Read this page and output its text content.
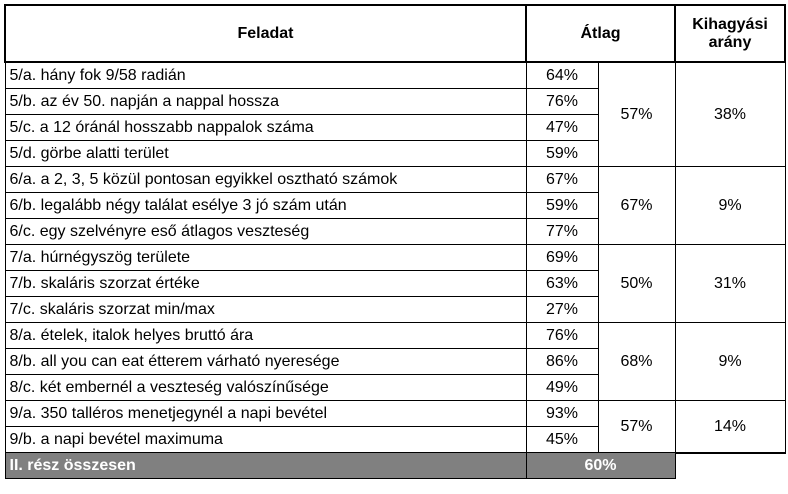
Feladat	Átlag		Kihagyási arány
5/a. hány fok 9/58 radián	64%	57%	38%
5/b. az év 50. napján a nappal hossza	76%		
5/c. a 12 óránál hosszabb nappalok száma	47%		
5/d. görbe alatti terület	59%		
6/a. a 2, 3, 5 közül pontosan egyikkel osztható számok	67%	67%	9%
6/b. legalább négy találat esélye 3 jó szám után	59%		
6/c. egy szelvényre eső átlagos veszteség	77%		
7/a. húrnégyszög területe	69%	50%	31%
7/b. skaláris szorzat értéke	63%		
7/c. skaláris szorzat min/max	27%		
8/a. ételek, italok helyes bruttó ára	76%	68%	9%
8/b. all you can eat étterem várható nyeresége	86%		
8/c. két embernél a veszteség valószínűsége	49%		
9/a. 350 talléros menetjegynél a napi bevétel	93%	57%	14%
9/b. a napi bevétel maximuma	45%		
II. rész összesen	60%		
